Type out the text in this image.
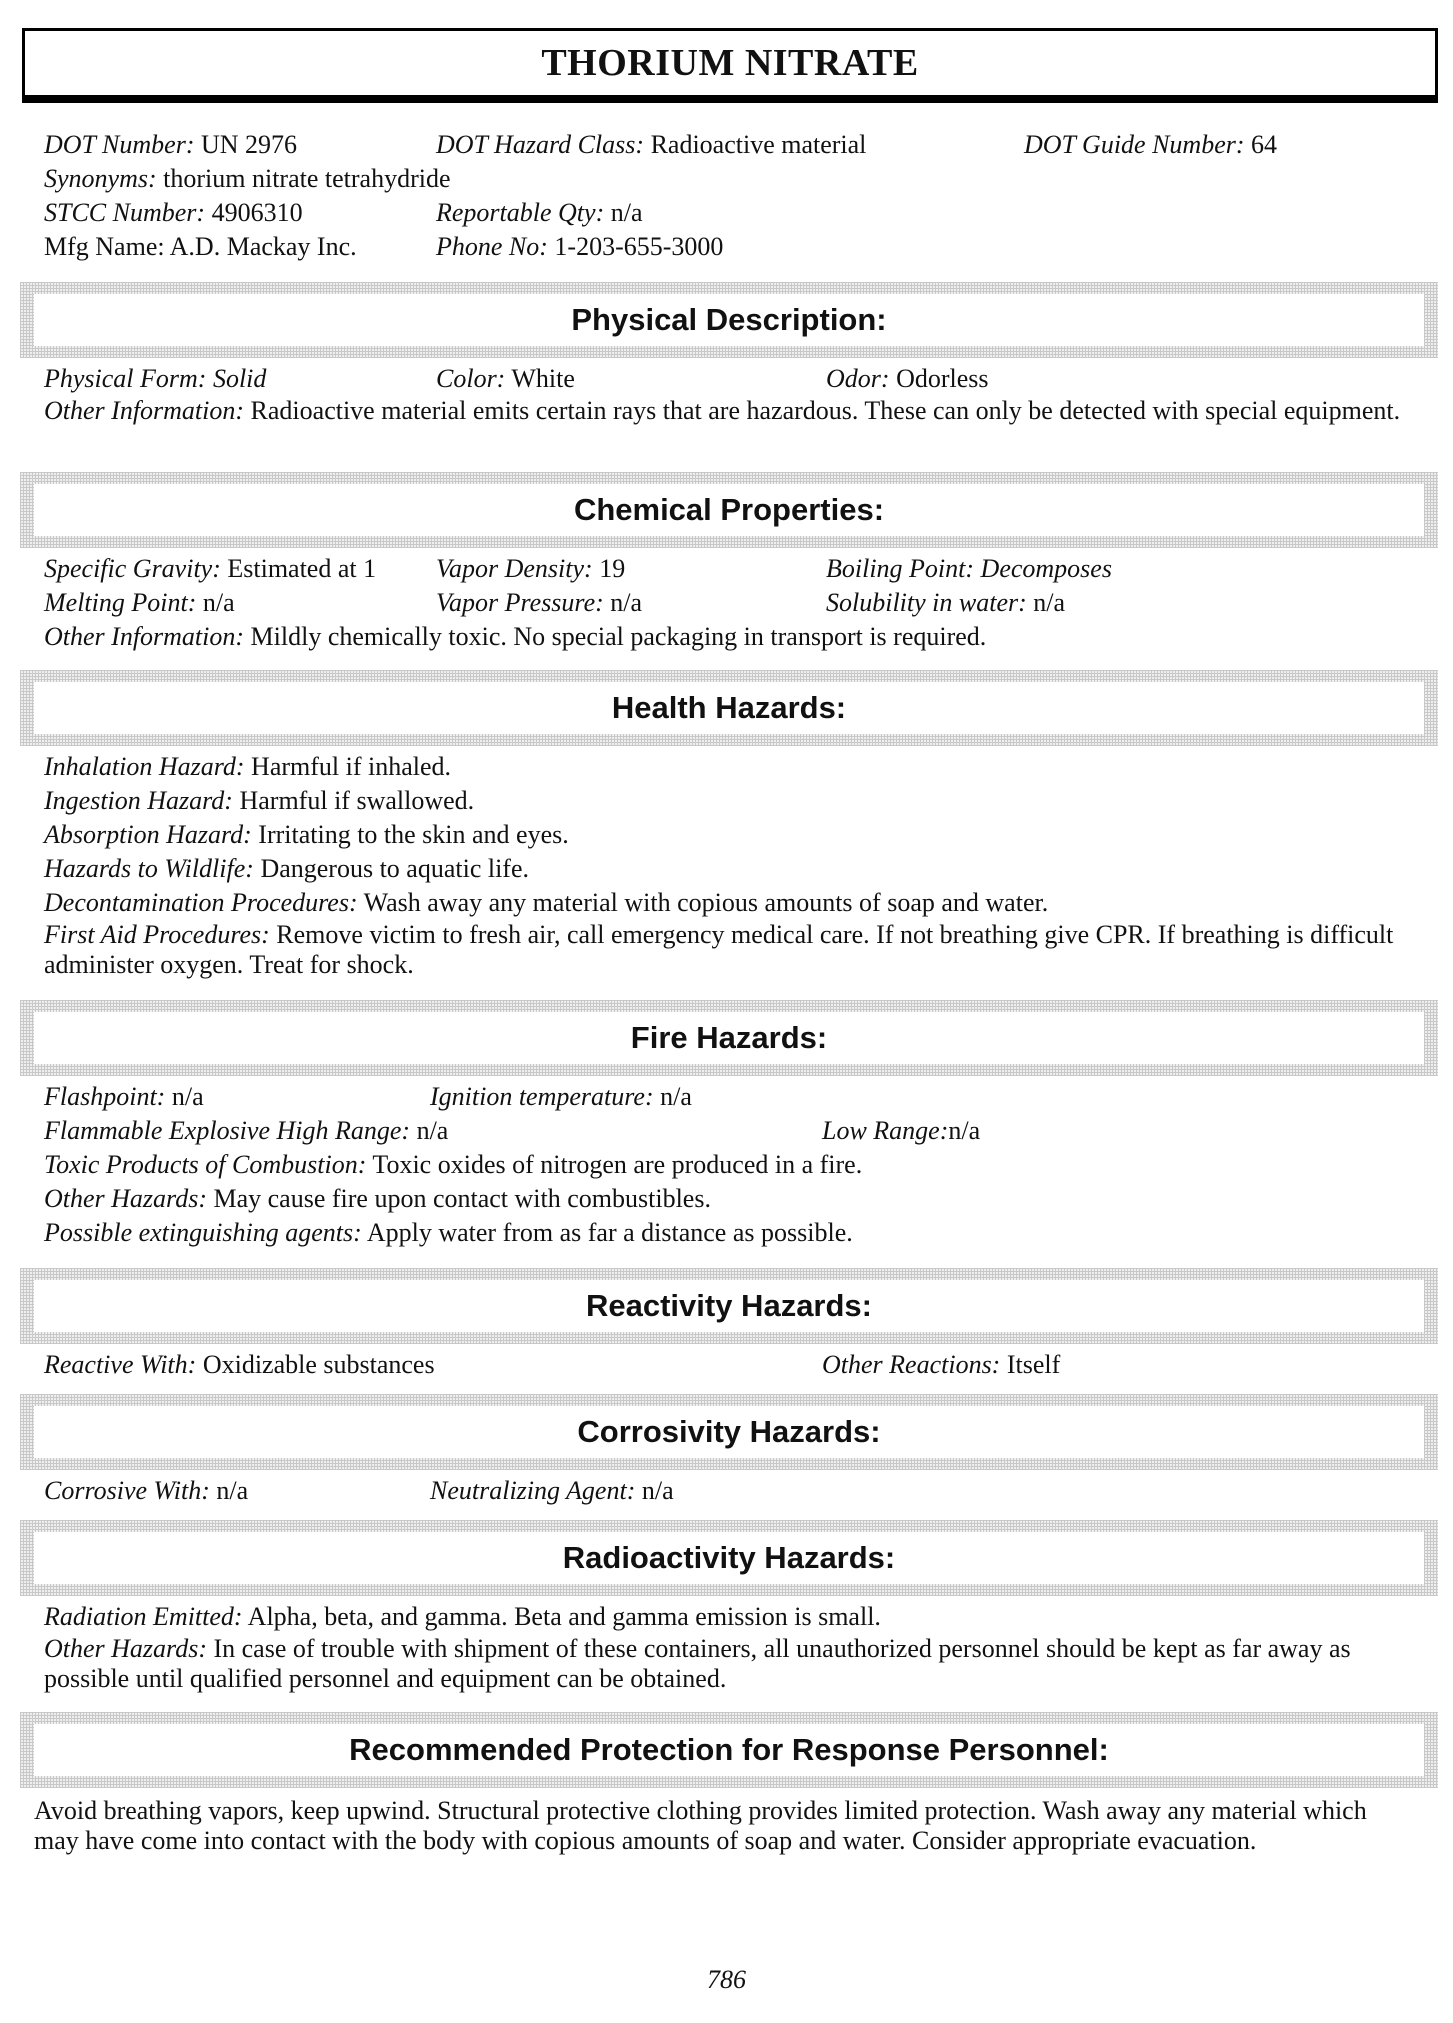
THORIUM NITRATE
DOT Number: UN 2976	DOT Hazard Class: Radioactive material	DOT Guide Number: 64
Synonyms: thorium nitrate tetrahydride
STCC Number: 4906310	Reportable Qty: n/a
Mfg Name: A.D. Mackay Inc.	Phone No: 1-203-655-3000
Physical Description:
Physical Form: Solid	Color: White	Odor: Odorless
Other Information: Radioactive material emits certain rays that are hazardous. These can only be detected with special equipment.
Chemical Properties:
Specific Gravity: Estimated at 1 Vapor Density: 19	Boiling Point: Decomposes
Melting Point: n/a	Vapor Pressure: n/a	Solubility in water: n/a
Other Information: Mildly chemically toxic. No special packaging in transport is required.
Health Hazards:
Inhalation Hazard: Harmful if inhaled.
Ingestion Hazard: Harmful if swallowed.
Absorption Hazard: Irritating to the skin and eyes.
Hazards to Wildlife: Dangerous to aquatic life.
Decontamination Procedures: Wash away any material with copious amounts of soap and water.
First Aid Procedures: Remove victim to fresh air, call emergency medical care. If not breathing give CPR. If breathing is difficult administer oxygen. Treat for shock.
Fire Hazards:
Flashpoint: n/a	Ignition temperature: n/a
Flammable Explosive High Range: n/a	Low Range:n/a
Toxic Products of Combustion: Toxic oxides of nitrogen are produced in a fire.
Other Hazards: May cause fire upon contact with combustibles.
Possible extinguishing agents: Apply water from as far a distance as possible.
Reactivity Hazards:
Reactive With: Oxidizable substances	Other Reactions: Itself
Corrosivity Hazards:
Corrosive With: n/a	Neutralizing Agent: n/a
Radioactivity Hazards:
Radiation Emitted: Alpha, beta, and gamma. Beta and gamma emission is small.
Other Hazards: In case of trouble with shipment of these containers, all unauthorized personnel should be kept as far away as possible until qualified personnel and equipment can be obtained.
Recommended Protection for Response Personnel:
Avoid breathing vapors, keep upwind. Structural protective clothing provides limited protection. Wash away any material which may have come into contact with the body with copious amounts of soap and water. Consider appropriate evacuation.
786
